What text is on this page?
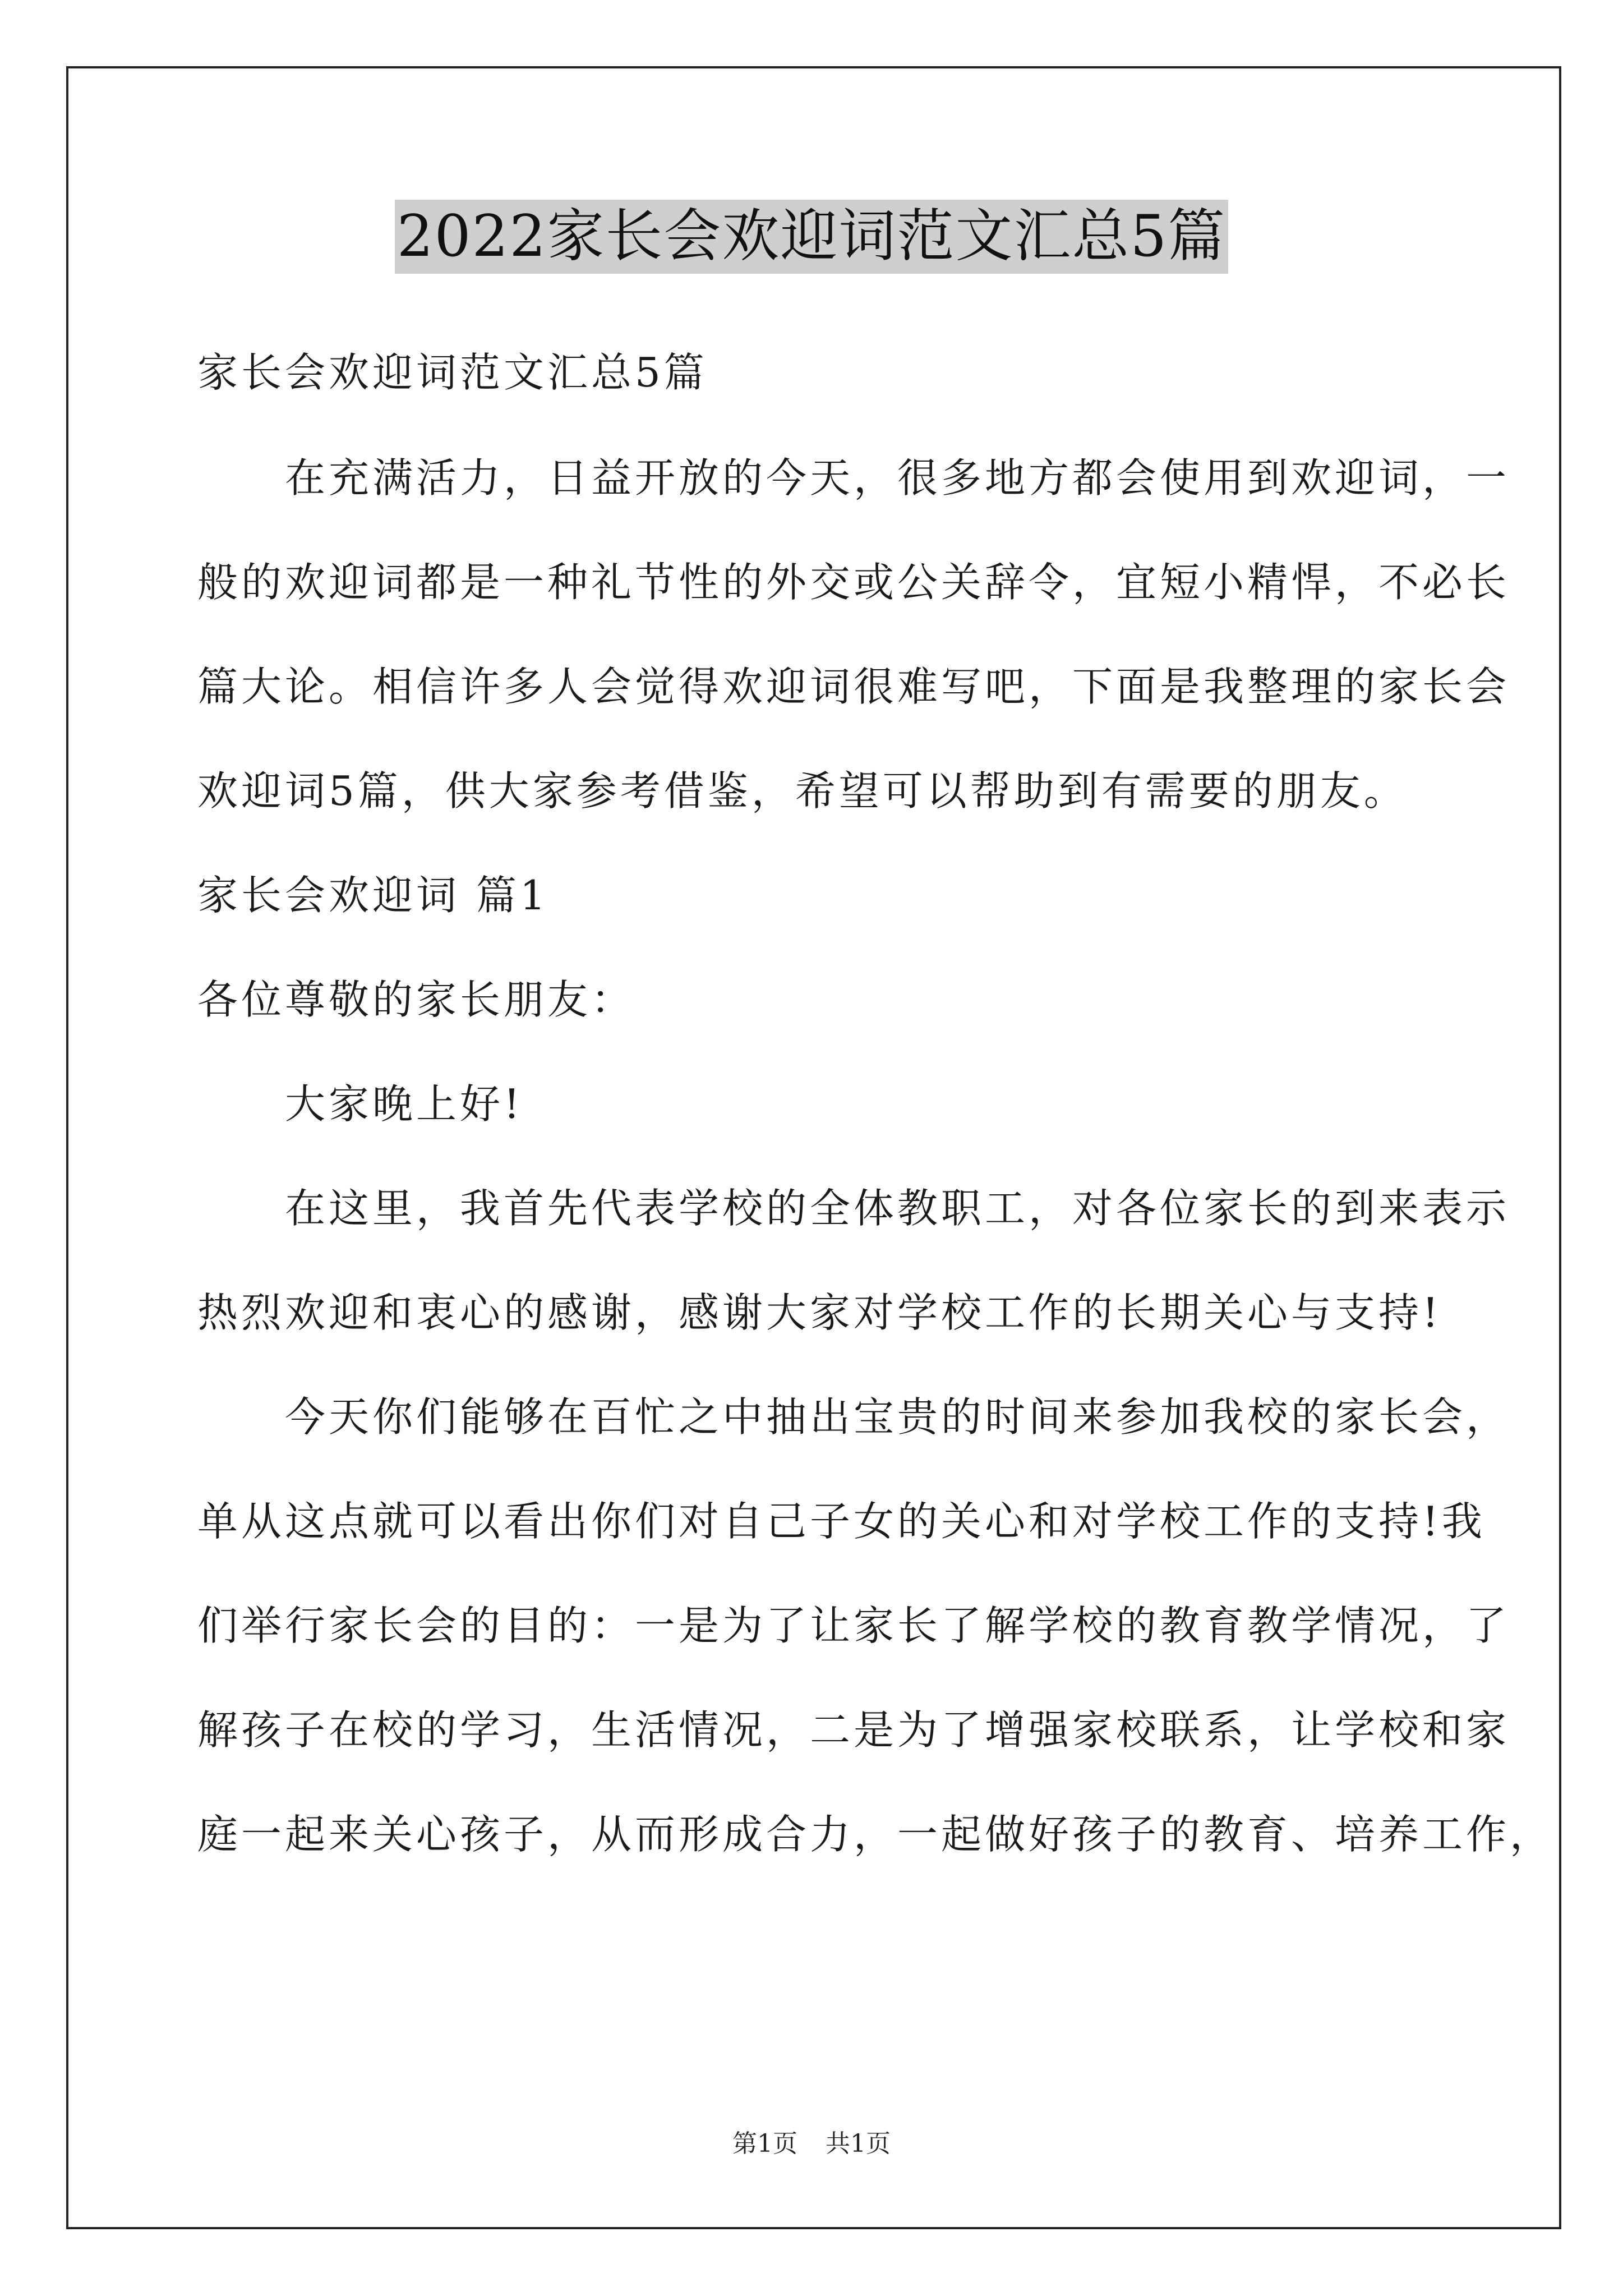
2022家长会欢迎词范文汇总5篇

家长会欢迎词范文汇总5篇

　　在充满活力，日益开放的今天，很多地方都会使用到欢迎词，一

般的欢迎词都是一种礼节性的外交或公关辞令，宜短小精悍，不必长

篇大论。相信许多人会觉得欢迎词很难写吧，下面是我整理的家长会

欢迎词5篇，供大家参考借鉴，希望可以帮助到有需要的朋友。

家长会欢迎词 篇1

各位尊敬的家长朋友：

　　大家晚上好!

　　在这里，我首先代表学校的全体教职工，对各位家长的到来表示

热烈欢迎和衷心的感谢，感谢大家对学校工作的长期关心与支持!

　　今天你们能够在百忙之中抽出宝贵的时间来参加我校的家长会，

单从这点就可以看出你们对自己子女的关心和对学校工作的支持!我

们举行家长会的目的：一是为了让家长了解学校的教育教学情况，了

解孩子在校的学习，生活情况，二是为了增强家校联系，让学校和家

庭一起来关心孩子，从而形成合力，一起做好孩子的教育、培养工作，

第1页 共1页
